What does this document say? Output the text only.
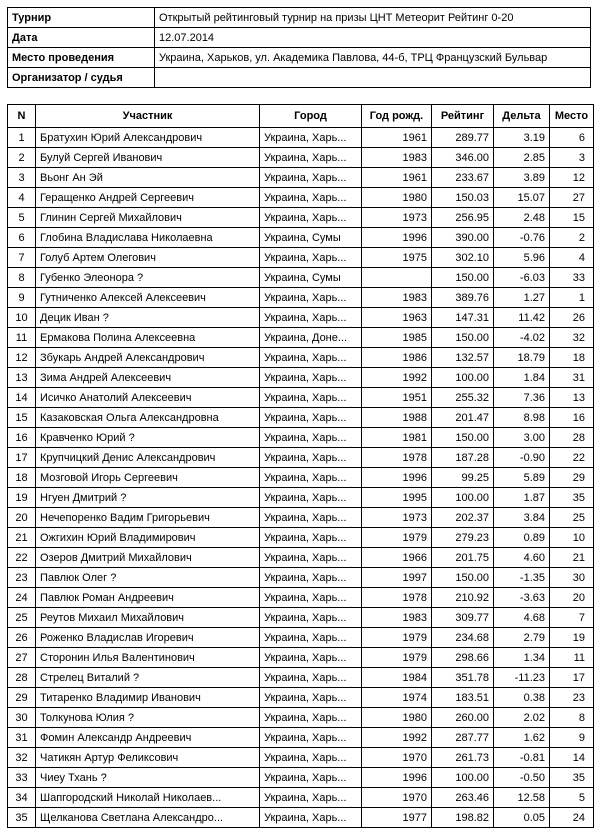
Турнир	Открытый рейтинговый турнир на призы ЦНТ Метеорит Рейтинг 0-20
Дата	12.07.2014
Место проведения	Украина, Харьков, ул. Академика Павлова, 44-б, ТРЦ Французский Бульвар
Организатор / судья	
N	Участник	Город	Год рожд.	Рейтинг	Дельта	Место
1	Братухин Юрий Александрович	Украина, Харь...	1961	289.77	3.19	6
2	Булуй Сергей Иванович	Украина, Харь...	1983	346.00	2.85	3
3	Вьонг Ан Эй	Украина, Харь...	1961	233.67	3.89	12
4	Геращенко Андрей Сергеевич	Украина, Харь...	1980	150.03	15.07	27
5	Глинин Сергей Михайлович	Украина, Харь...	1973	256.95	2.48	15
6	Глобина Владислава Николаевна	Украина, Сумы	1996	390.00	-0.76	2
7	Голуб Артем Олегович	Украина, Харь...	1975	302.10	5.96	4
8	Губенко Элеонора ?	Украина, Сумы		150.00	-6.03	33
9	Гутниченко Алексей Алексеевич	Украина, Харь...	1983	389.76	1.27	1
10	Децик Иван ?	Украина, Харь...	1963	147.31	11.42	26
11	Ермакова Полина Алексеевна	Украина, Доне...	1985	150.00	-4.02	32
12	Збукарь Андрей Александрович	Украина, Харь...	1986	132.57	18.79	18
13	Зима Андрей Алексеевич	Украина, Харь...	1992	100.00	1.84	31
14	Исичко Анатолий Алексеевич	Украина, Харь...	1951	255.32	7.36	13
15	Казаковская Ольга Александровна	Украина, Харь...	1988	201.47	8.98	16
16	Кравченко Юрий ?	Украина, Харь...	1981	150.00	3.00	28
17	Крупчицкий Денис Александрович	Украина, Харь...	1978	187.28	-0.90	22
18	Мозговой Игорь Сергеевич	Украина, Харь...	1996	99.25	5.89	29
19	Нгуен Дмитрий ?	Украина, Харь...	1995	100.00	1.87	35
20	Нечепоренко Вадим Григорьевич	Украина, Харь...	1973	202.37	3.84	25
21	Ожгихин Юрий Владимирович	Украина, Харь...	1979	279.23	0.89	10
22	Озеров Дмитрий Михайлович	Украина, Харь...	1966	201.75	4.60	21
23	Павлюк Олег ?	Украина, Харь...	1997	150.00	-1.35	30
24	Павлюк Роман Андреевич	Украина, Харь...	1978	210.92	-3.63	20
25	Реутов Михаил Михайлович	Украина, Харь...	1983	309.77	4.68	7
26	Роженко Владислав Игоревич	Украина, Харь...	1979	234.68	2.79	19
27	Сторонин Илья Валентинович	Украина, Харь...	1979	298.66	1.34	11
28	Стрелец Виталий ?	Украина, Харь...	1984	351.78	-11.23	17
29	Титаренко Владимир Иванович	Украина, Харь...	1974	183.51	0.38	23
30	Толкунова Юлия ?	Украина, Харь...	1980	260.00	2.02	8
31	Фомин Александр Андреевич	Украина, Харь...	1992	287.77	1.62	9
32	Чатикян Артур Феликсович	Украина, Харь...	1970	261.73	-0.81	14
33	Чиеу Тхань ?	Украина, Харь...	1996	100.00	-0.50	35
34	Шапгородский Николай Николаев...	Украина, Харь...	1970	263.46	12.58	5
35	Щелканова Светлана Александро...	Украина, Харь...	1977	198.82	0.05	24
